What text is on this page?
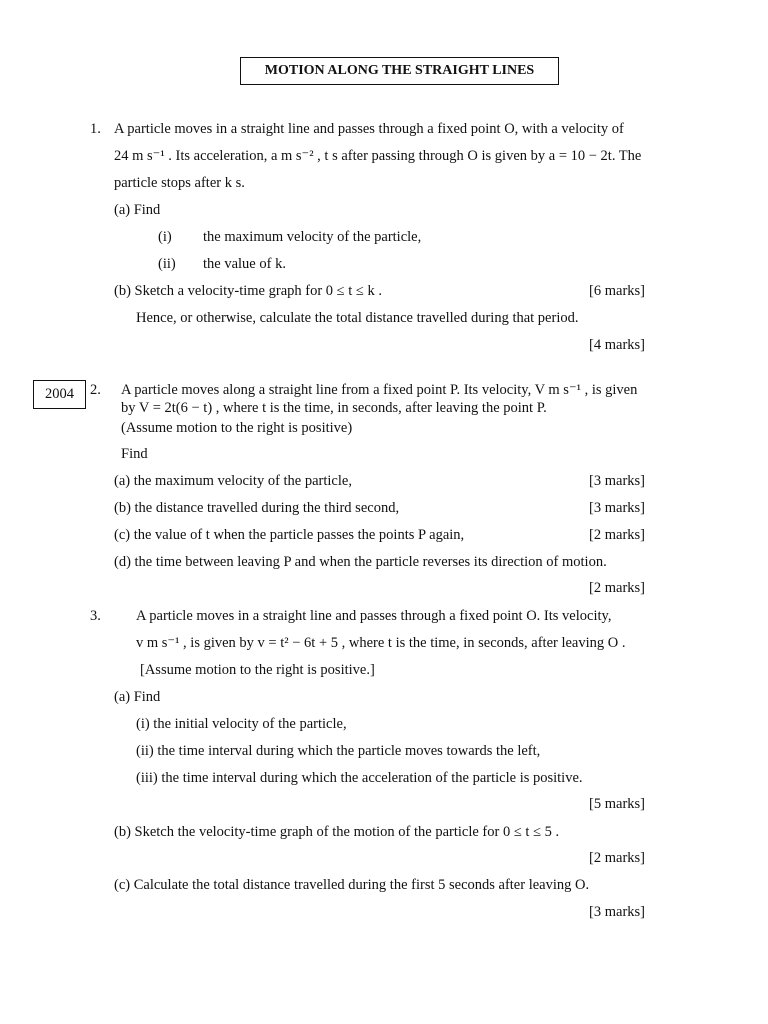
MOTION ALONG THE STRAIGHT LINES
1. A particle moves in a straight line and passes through a fixed point O, with a velocity of
24 m s⁻¹ . Its acceleration, a m s⁻² , t s after passing through O is given by a = 10 − 2t. The
particle stops after k s.
(a) Find
(i) the maximum velocity of the particle,
(ii) the value of k.
(b) Sketch a velocity-time graph for 0 ≤ t ≤ k .	[6 marks]
Hence, or otherwise, calculate the total distance travelled during that period.
[4 marks]
2004	2. A particle moves along a straight line from a fixed point P. Its velocity, V m s⁻¹ , is given
by V = 2t(6 − t) , where t is the time, in seconds, after leaving the point P.
(Assume motion to the right is positive)
Find
(a) the maximum velocity of the particle,	[3 marks]
(b) the distance travelled during the third second,	[3 marks]
(c) the value of t when the particle passes the points P again,	[2 marks]
(d) the time between leaving P and when the particle reverses its direction of motion.
[2 marks]
3. A particle moves in a straight line and passes through a fixed point O. Its velocity,
v m s⁻¹ , is given by v = t² − 6t + 5 , where t is the time, in seconds, after leaving O .
[Assume motion to the right is positive.]
(a) Find
(i) the initial velocity of the particle,
(ii) the time interval during which the particle moves towards the left,
(iii) the time interval during which the acceleration of the particle is positive.
[5 marks]
(b) Sketch the velocity-time graph of the motion of the particle for 0 ≤ t ≤ 5 .
[2 marks]
(c) Calculate the total distance travelled during the first 5 seconds after leaving O.
[3 marks]
